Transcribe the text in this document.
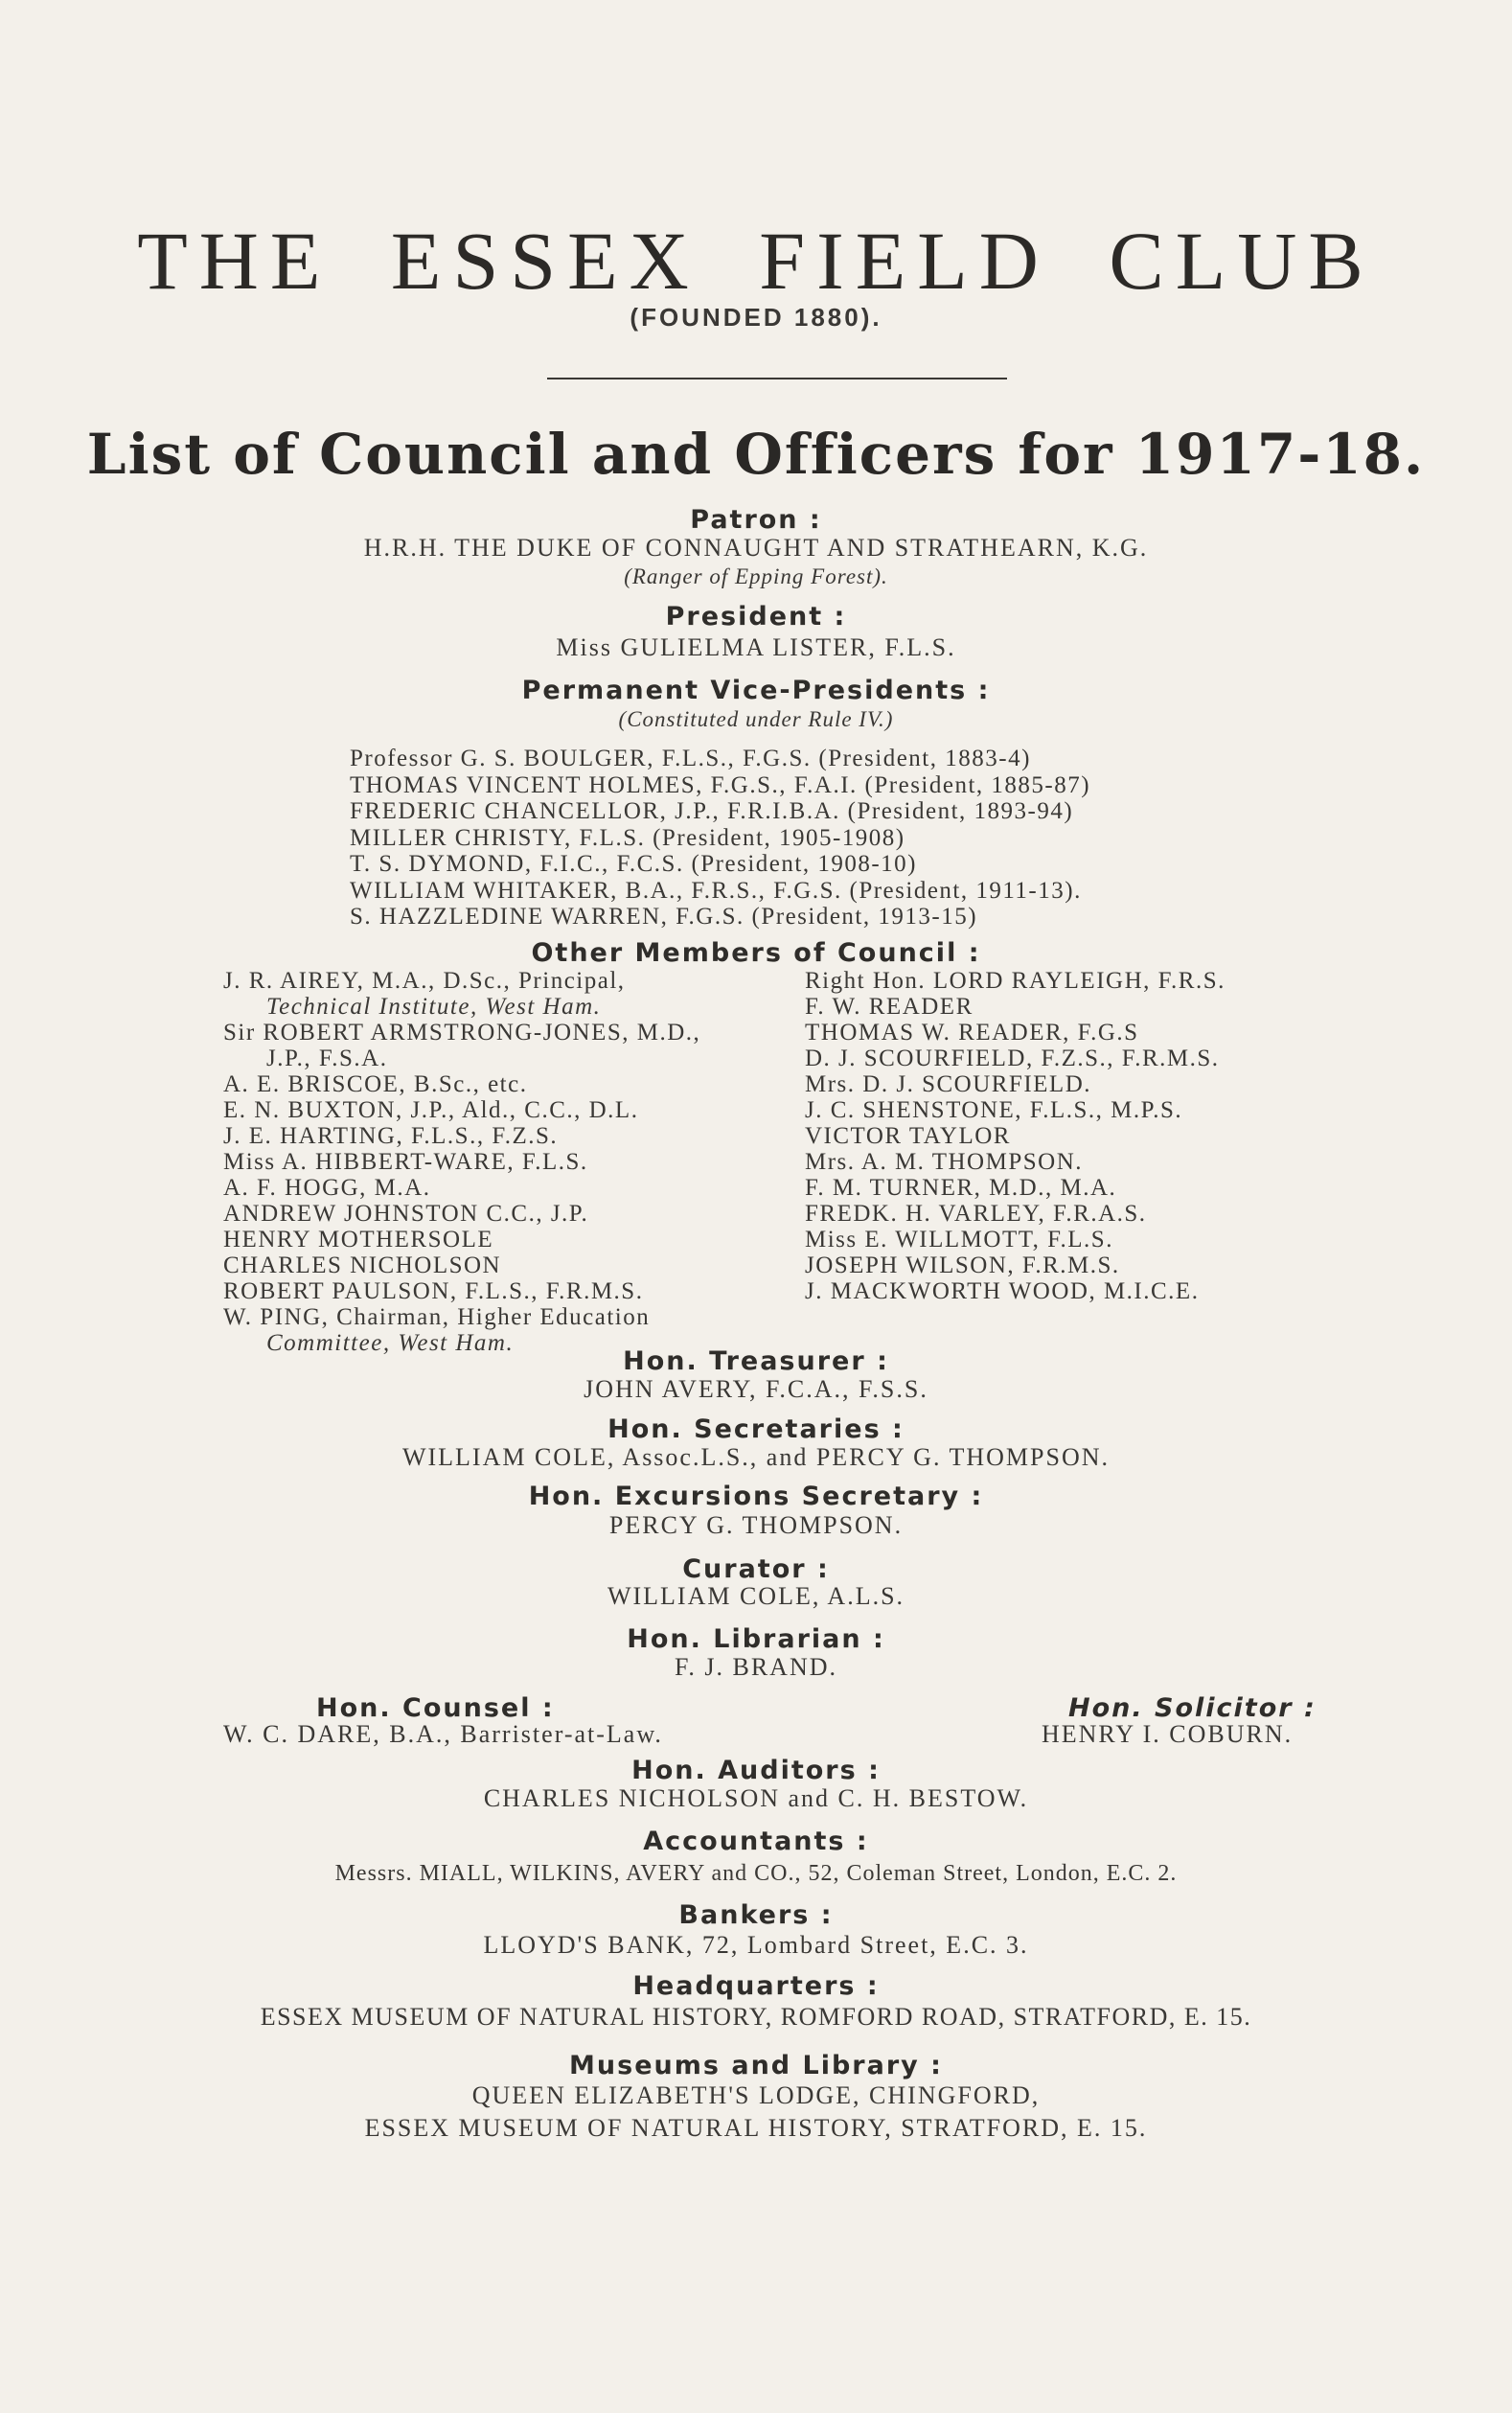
THE ESSEX FIELD CLUB
(FOUNDED 1880).
List of Council and Officers for 1917-18.
Patron :
H.R.H. THE DUKE OF CONNAUGHT AND STRATHEARN, K.G.
(Ranger of Epping Forest).
President :
Miss GULIELMA LISTER, F.L.S.
Permanent Vice-Presidents :
(Constituted under Rule IV.)
Professor G. S. BOULGER, F.L.S., F.G.S. (President, 1883-4)
THOMAS VINCENT HOLMES, F.G.S., F.A.I. (President, 1885-87)
FREDERIC CHANCELLOR, J.P., F.R.I.B.A. (President, 1893-94)
MILLER CHRISTY, F.L.S. (President, 1905-1908)
T. S. DYMOND, F.I.C., F.C.S. (President, 1908-10)
WILLIAM WHITAKER, B.A., F.R.S., F.G.S. (President, 1911-13).
S. HAZZLEDINE WARREN, F.G.S. (President, 1913-15)
Other Members of Council :
J. R. AIREY, M.A., D.Sc., Principal,
Technical Institute, West Ham.
Sir ROBERT ARMSTRONG-JONES, M.D.,
J.P., F.S.A.
A. E. BRISCOE, B.Sc., etc.
E. N. BUXTON, J.P., Ald., C.C., D.L.
J. E. HARTING, F.L.S., F.Z.S.
Miss A. HIBBERT-WARE, F.L.S.
A. F. HOGG, M.A.
ANDREW JOHNSTON C.C., J.P.
HENRY MOTHERSOLE
CHARLES NICHOLSON
ROBERT PAULSON, F.L.S., F.R.M.S.
W. PING, Chairman, Higher Education
Committee, West Ham.
Right Hon. LORD RAYLEIGH, F.R.S.
F. W. READER
THOMAS W. READER, F.G.S
D. J. SCOURFIELD, F.Z.S., F.R.M.S.
Mrs. D. J. SCOURFIELD.
J. C. SHENSTONE, F.L.S., M.P.S.
VICTOR TAYLOR
Mrs. A. M. THOMPSON.
F. M. TURNER, M.D., M.A.
FREDK. H. VARLEY, F.R.A.S.
Miss E. WILLMOTT, F.L.S.
JOSEPH WILSON, F.R.M.S.
J. MACKWORTH WOOD, M.I.C.E.
Hon. Treasurer :
JOHN AVERY, F.C.A., F.S.S.
Hon. Secretaries :
WILLIAM COLE, Assoc.L.S., and PERCY G. THOMPSON.
Hon. Excursions Secretary :
PERCY G. THOMPSON.
Curator :
WILLIAM COLE, A.L.S.
Hon. Librarian :
F. J. BRAND.
Hon. Counsel :
W. C. DARE, B.A., Barrister-at-Law.
Hon. Solicitor :
HENRY I. COBURN.
Hon. Auditors :
CHARLES NICHOLSON and C. H. BESTOW.
Accountants :
Messrs. MIALL, WILKINS, AVERY and CO., 52, Coleman Street, London, E.C. 2.
Bankers :
LLOYD'S BANK, 72, Lombard Street, E.C. 3.
Headquarters :
ESSEX MUSEUM OF NATURAL HISTORY, ROMFORD ROAD, STRATFORD, E. 15.
Museums and Library :
QUEEN ELIZABETH'S LODGE, CHINGFORD,
ESSEX MUSEUM OF NATURAL HISTORY, STRATFORD, E. 15.
